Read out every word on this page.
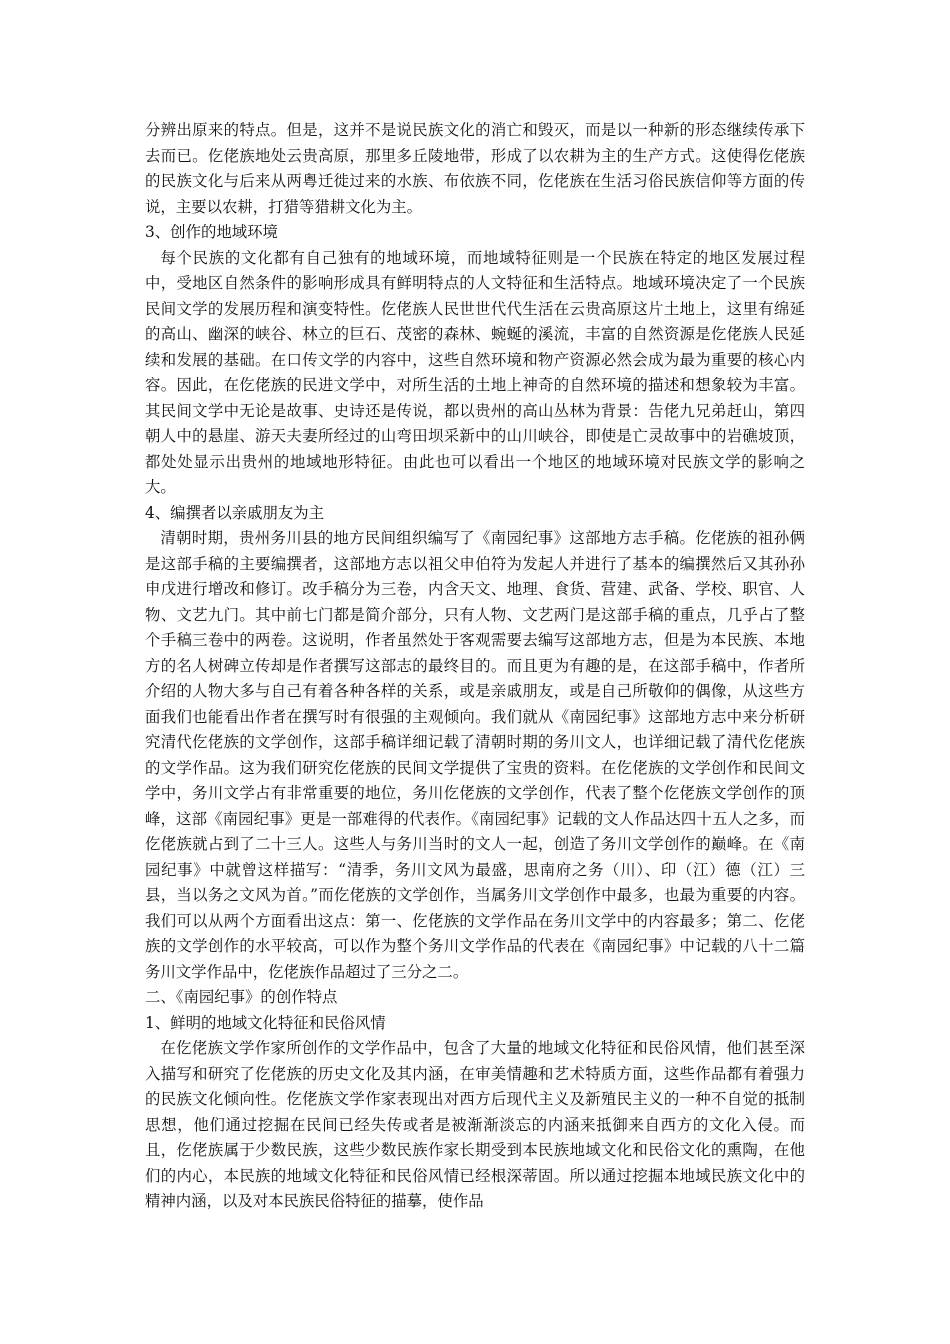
分辨出原来的特点。但是，这并不是说民族文化的消亡和毁灭，而是以一种新的形态继续传承下去而已。仡佬族地处云贵高原，那里多丘陵地带，形成了以农耕为主的生产方式。这使得仡佬族的民族文化与后来从两粤迁徙过来的水族、布依族不同，仡佬族在生活习俗民族信仰等方面的传说，主要以农耕，打猎等猎耕文化为主。

3、创作的地域环境

每个民族的文化都有自己独有的地域环境，而地域特征则是一个民族在特定的地区发展过程中，受地区自然条件的影响形成具有鲜明特点的人文特征和生活特点。地域环境决定了一个民族民间文学的发展历程和演变特性。仡佬族人民世世代代生活在云贵高原这片土地上，这里有绵延的高山、幽深的峡谷、林立的巨石、茂密的森林、蜿蜒的溪流，丰富的自然资源是仡佬族人民延续和发展的基础。在口传文学的内容中，这些自然环境和物产资源必然会成为最为重要的核心内容。因此，在仡佬族的民进文学中，对所生活的土地上神奇的自然环境的描述和想象较为丰富。其民间文学中无论是故事、史诗还是传说，都以贵州的高山丛林为背景：告佬九兄弟赶山，第四朝人中的悬崖、游天夫妻所经过的山弯田坝采新中的山川峡谷，即使是亡灵故事中的岩礁坡顶，都处处显示出贵州的地域地形特征。由此也可以看出一个地区的地域环境对民族文学的影响之大。

4、编撰者以亲戚朋友为主

清朝时期，贵州务川县的地方民间组织编写了《南园纪事》这部地方志手稿。仡佬族的祖孙俩是这部手稿的主要编撰者，这部地方志以祖父申伯符为发起人并进行了基本的编撰然后又其孙孙申戊进行增改和修订。改手稿分为三卷，内含天文、地理、食货、营建、武备、学校、职官、人物、文艺九门。其中前七门都是简介部分，只有人物、文艺两门是这部手稿的重点，几乎占了整个手稿三卷中的两卷。这说明，作者虽然处于客观需要去编写这部地方志，但是为本民族、本地方的名人树碑立传却是作者撰写这部志的最终目的。而且更为有趣的是，在这部手稿中，作者所介绍的人物大多与自己有着各种各样的关系，或是亲戚朋友，或是自己所敬仰的偶像，从这些方面我们也能看出作者在撰写时有很强的主观倾向。我们就从《南园纪事》这部地方志中来分析研究清代仡佬族的文学创作，这部手稿详细记载了清朝时期的务川文人，也详细记载了清代仡佬族的文学作品。这为我们研究仡佬族的民间文学提供了宝贵的资料。在仡佬族的文学创作和民间文学中，务川文学占有非常重要的地位，务川仡佬族的文学创作，代表了整个仡佬族文学创作的顶峰，这部《南园纪事》更是一部难得的代表作。《南园纪事》记载的文人作品达四十五人之多，而仡佬族就占到了二十三人。这些人与务川当时的文人一起，创造了务川文学创作的巅峰。在《南园纪事》中就曾这样描写：“清季，务川文风为最盛，思南府之务（川）、印（江）德（江）三县，当以务之文风为首。”而仡佬族的文学创作，当属务川文学创作中最多，也最为重要的内容。我们可以从两个方面看出这点：第一、仡佬族的文学作品在务川文学中的内容最多；第二、仡佬族的文学创作的水平较高，可以作为整个务川文学作品的代表在《南园纪事》中记载的八十二篇务川文学作品中，仡佬族作品超过了三分之二。

二、《南园纪事》的创作特点

1、鲜明的地域文化特征和民俗风情

在仡佬族文学作家所创作的文学作品中，包含了大量的地域文化特征和民俗风情，他们甚至深入描写和研究了仡佬族的历史文化及其内涵，在审美情趣和艺术特质方面，这些作品都有着强力的民族文化倾向性。仡佬族文学作家表现出对西方后现代主义及新殖民主义的一种不自觉的抵制思想，他们通过挖掘在民间已经失传或者是被渐渐淡忘的内涵来抵御来自西方的文化入侵。而且，仡佬族属于少数民族，这些少数民族作家长期受到本民族地域文化和民俗文化的熏陶，在他们的内心，本民族的地域文化特征和民俗风情已经根深蒂固。所以通过挖掘本地域民族文化中的精神内涵，以及对本民族民俗特征的描摹，使作品
